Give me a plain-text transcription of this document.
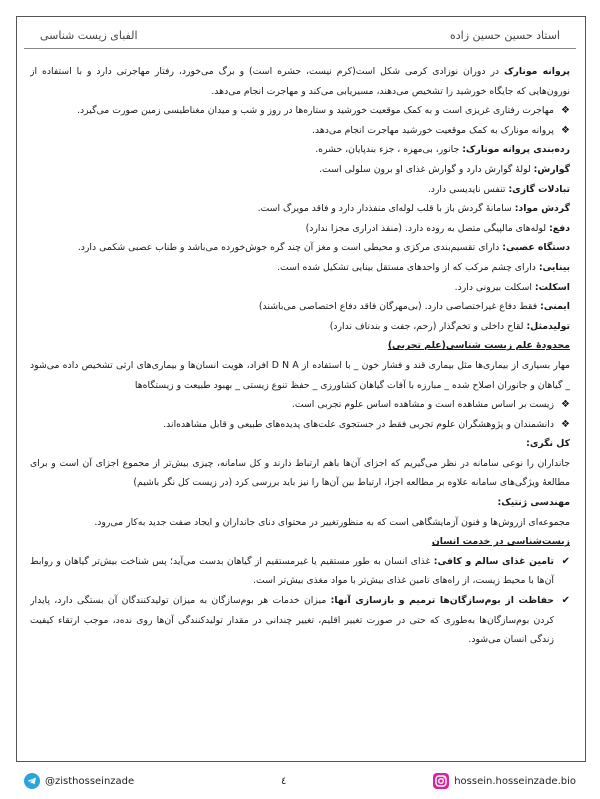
استاد حسین حسین زاده
الفبای زیست شناسی

پروانه مونارک در دوران نوزادی کرمی شکل است(کرم نیست، حشره است) و برگ می‌خورد، رفتار مهاجرتی دارد و با استفاده از نورون‌هایی که جایگاه خورشید را تشخیص می‌دهند، مسیریابی می‌کند و مهاجرت انجام می‌دهد.

❖
مهاجرت رفتاری غریزی است و به کمک موقعیت خورشید و ستاره‌ها در روز و شب و میدان مغناطیسی زمین صورت می‌گیرد.

❖
پروانه مونارک به کمک موقعیت خورشید مهاجرت انجام می‌دهد.

رده‌بندی پروانه مونارک: جانور، بی‌مهره ، جزء بندپایان، حشره.

گوارش: لولهٔ گوارش دارد و گوارش غذای او برون سلولی است.

تبادلات گازی: تنفس نایدیسی دارد.

گردش مواد: سامانهٔ گردش باز با قلب لوله‌ای منفذدار دارد و فاقد مویرگ است.

دفع: لوله‌های مالپیگی متصل به روده دارد. (منفذ ادراری مجزا ندارد)

دستگاه عصبی: دارای تقسیم‌بندی مرکزی و محیطی است و مغز آن چند گره جوش‌خورده می‌باشد و طناب عصبی شکمی دارد.

بینایی: دارای چشم مرکب که از واحدهای مستقل بینایی تشکیل شده است.

اسکلت: اسکلت بیرونی دارد.

ایمنی: فقط دفاع غیراختصاصی دارد. (بی‌مهرگان فاقد دفاع اختصاصی می‌باشند)

تولیدمثل: لقاح داخلی و تخم‌گذار (رحم، جفت و بندناف ندارد)

محدودهٔ علم زیست شناسی(علم تجربی)

مهار بسیاری از بیماری‌ها مثل بیماری قند و فشار خون _ با استفاده از D N A افراد، هویت انسان‌ها و بیماری‌های ارثی تشخیص داده می‌شود _ گیاهان و جانوران اصلاح شده _ مبارزه با آفات گیاهان کشاورزی _ حفظ تنوع زیستی _ بهبود طبیعت و زیستگاه‌ها

❖
زیست بر اساس مشاهده است و مشاهده اساس علوم تجربی است.

❖
دانشمندان و پژوهشگران علوم تجربی فقط در جستجوی علت‌های پدیده‌های طبیعی و قابل مشاهده‌اند.

کل نگری:

جانداران را نوعی سامانه در نظر می‌گیریم که اجزای آن‌ها باهم ارتباط دارند و کل سامانه، چیزی بیش‌تر از مجموع اجزای آن است و برای مطالعهٔ ویژگی‌های سامانه علاوه بر مطالعه اجزا، ارتباط بین آن‌ها را نیز باید بررسی کرد (در زیست کل نگر باشیم)

مهندسی ژنتیک:

مجموعه‌ای ازروش‌ها و فنون آزمایشگاهی است که به منظورتغییر در محتوای دنای جانداران و ایجاد صفت جدید به‌کار می‌رود.

زیست‌شناسی در خدمت انسان

✔
تامین غذای سالم و کافی: غذای انسان به طور مستقیم یا غیرمستقیم از گیاهان بدست می‌آید؛ پس شناخت بیش‌تر گیاهان و روابط آن‌ها با محیط زیست، از راه‌های تامین غذای بیش‌تر با مواد مغذی بیش‌تر است.

✔
حفاظت از بوم‌سازگان‌ها ترمیم و بازسازی آنها: میزان خدمات هر بوم‌سازگان به میزان تولیدکنندگان آن بستگی دارد، پایدار کردن بوم‌سازگان‌ها به‌طوری که حتی در صورت تغییر اقلیم، تغییر چندانی در مقدار تولیدکنندگی آن‌ها روی نده‌د، موجب ارتقاء کیفیت زندگی انسان می‌شود.

@zisthosseinzade	٤	hossein.hosseinzade.bio
